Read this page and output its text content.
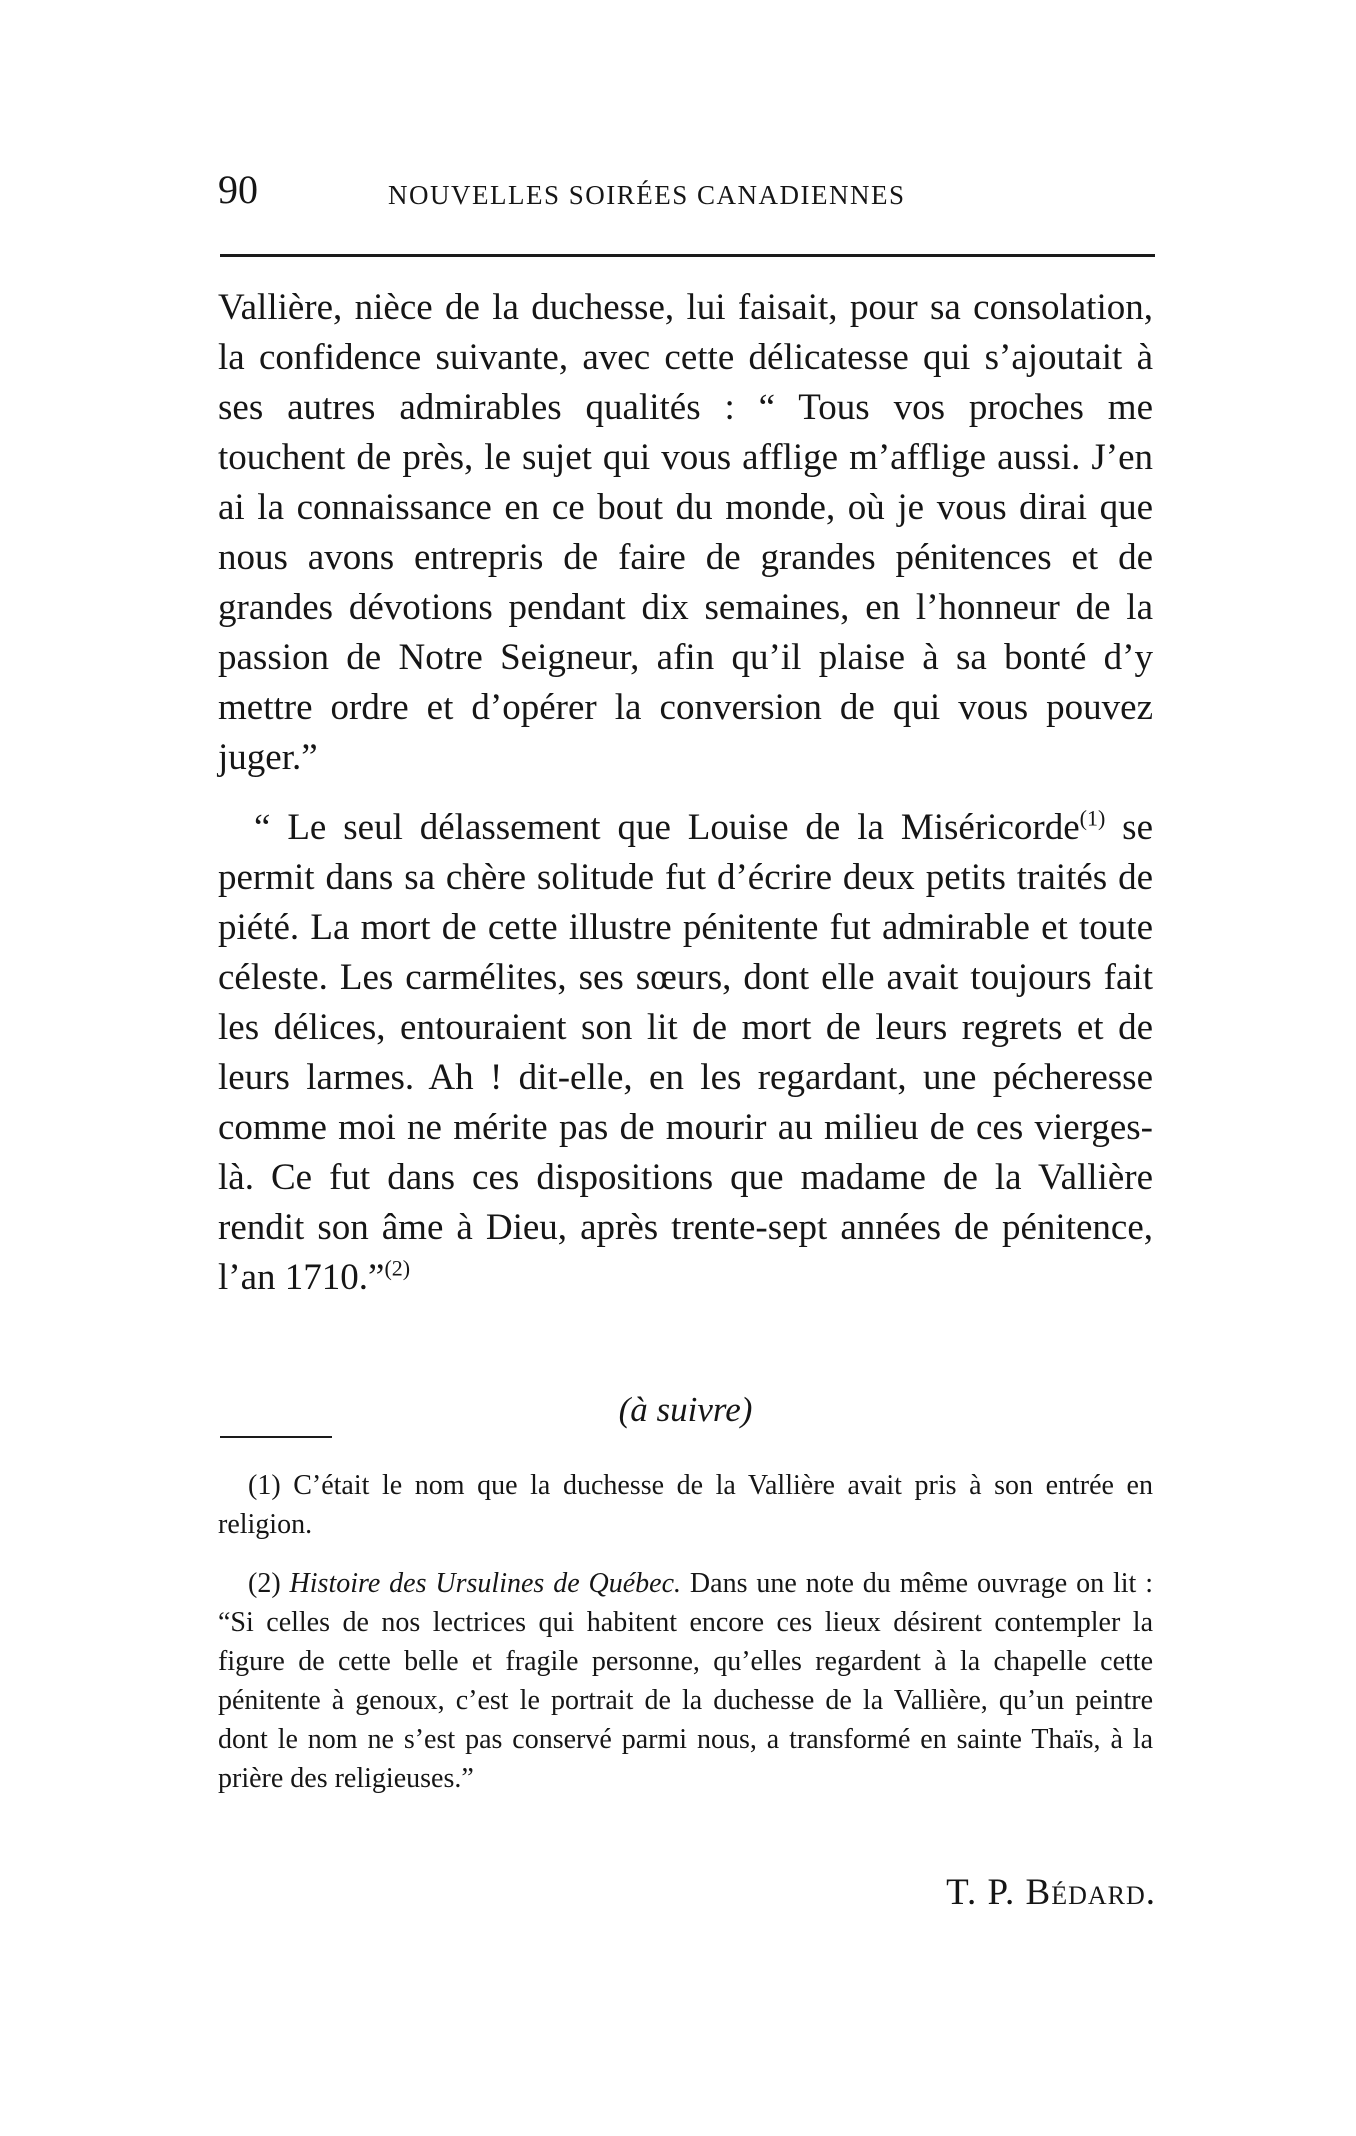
90	NOUVELLES SOIRÉES CANADIENNES

Vallière, nièce de la duchesse, lui faisait, pour sa consolation, la confidence suivante, avec cette délicatesse qui s’ajoutait à ses autres admirables qualités : “ Tous vos proches me touchent de près, le sujet qui vous afflige m’afflige aussi. J’en ai la connaissance en ce bout du monde, où je vous dirai que nous avons entrepris de faire de grandes pénitences et de grandes dévotions pendant dix semaines, en l’honneur de la passion de Notre Seigneur, afin qu’il plaise à sa bonté d’y mettre ordre et d’opérer la conversion de qui vous pouvez juger.”

“ Le seul délassement que Louise de la Miséricorde$^{(1)}$ se permit dans sa chère solitude fut d’écrire deux petits traités de piété. La mort de cette illustre pénitente fut admirable et toute céleste. Les carmélites, ses sœurs, dont elle avait toujours fait les délices, entouraient son lit de mort de leurs regrets et de leurs larmes. Ah ! dit-elle, en les regardant, une pécheresse comme moi ne mérite pas de mourir au milieu de ces vierges-là. Ce fut dans ces dispositions que madame de la Vallière rendit son âme à Dieu, après trente-sept années de pénitence, l’an 1710.”$^{(2)}$

(à suivre)

(1) C’était le nom que la duchesse de la Vallière avait pris à son entrée en religion.

(2) Histoire des Ursulines de Québec. Dans une note du même ouvrage on lit : “Si celles de nos lectrices qui habitent encore ces lieux désirent contempler la figure de cette belle et fragile personne, qu’elles regardent à la chapelle cette pénitente à genoux, c’est le portrait de la duchesse de la Vallière, qu’un peintre dont le nom ne s’est pas conservé parmi nous, a transformé en sainte Thaïs, à la prière des religieuses.”

T. P. Bédard.
